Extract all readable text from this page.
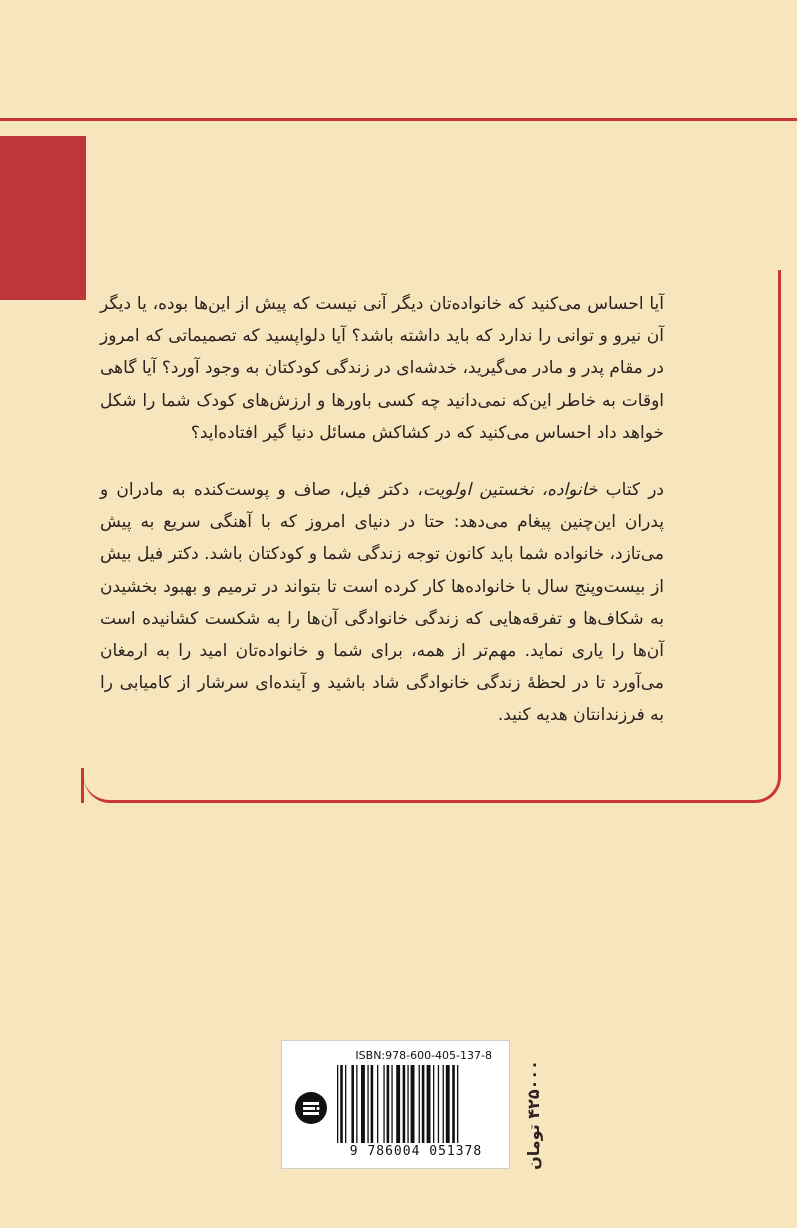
آیا احساس می‌کنید که خانواده‌تان دیگر آنی نیست که پیش از این‌ها بوده، یا دیگر آن نیرو و توانی را ندارد که باید داشته باشد؟ آیا دلواپسید که تصمیماتی که امروز در مقام پدر و مادر می‌گیرید، خدشه‌ای در زندگی کودکتان به وجود آورد؟ آیا گاهی اوقات به خاطر این‌که نمی‌دانید چه کسی باورها و ارزش‌های کودک شما را شکل خواهد داد احساس می‌کنید که در کشاکش مسائل دنیا گیر افتاده‌اید؟

در کتاب خانواده، نخستین اولویت، دکتر فیل، صاف و پوست‌کنده به مادران و پدران این‌چنین پیغام می‌دهد: حتا در دنیای امروز که با آهنگی سریع به پیش می‌تازد، خانواده شما باید کانون توجه زندگی شما و کودکتان باشد. دکتر فیل بیش از بیست‌وپنج سال با خانواده‌ها کار کرده است تا بتواند در ترمیم و بهبود بخشیدن به شکاف‌ها و تفرقه‌هایی که زندگی خانوادگی آن‌ها را به شکست کشانیده است آن‌ها را یاری نماید. مهم‌تر از همه، برای شما و خانواده‌تان امید را به ارمغان می‌آورد تا در لحظهٔ زندگی خانوادگی شاد باشید و آینده‌ای سرشار از کامیابی را به فرزندانتان هدیه کنید.

ISBN:978-600-405-137-8
9 786004 051378	۴۲۵۰۰۰ تومان
